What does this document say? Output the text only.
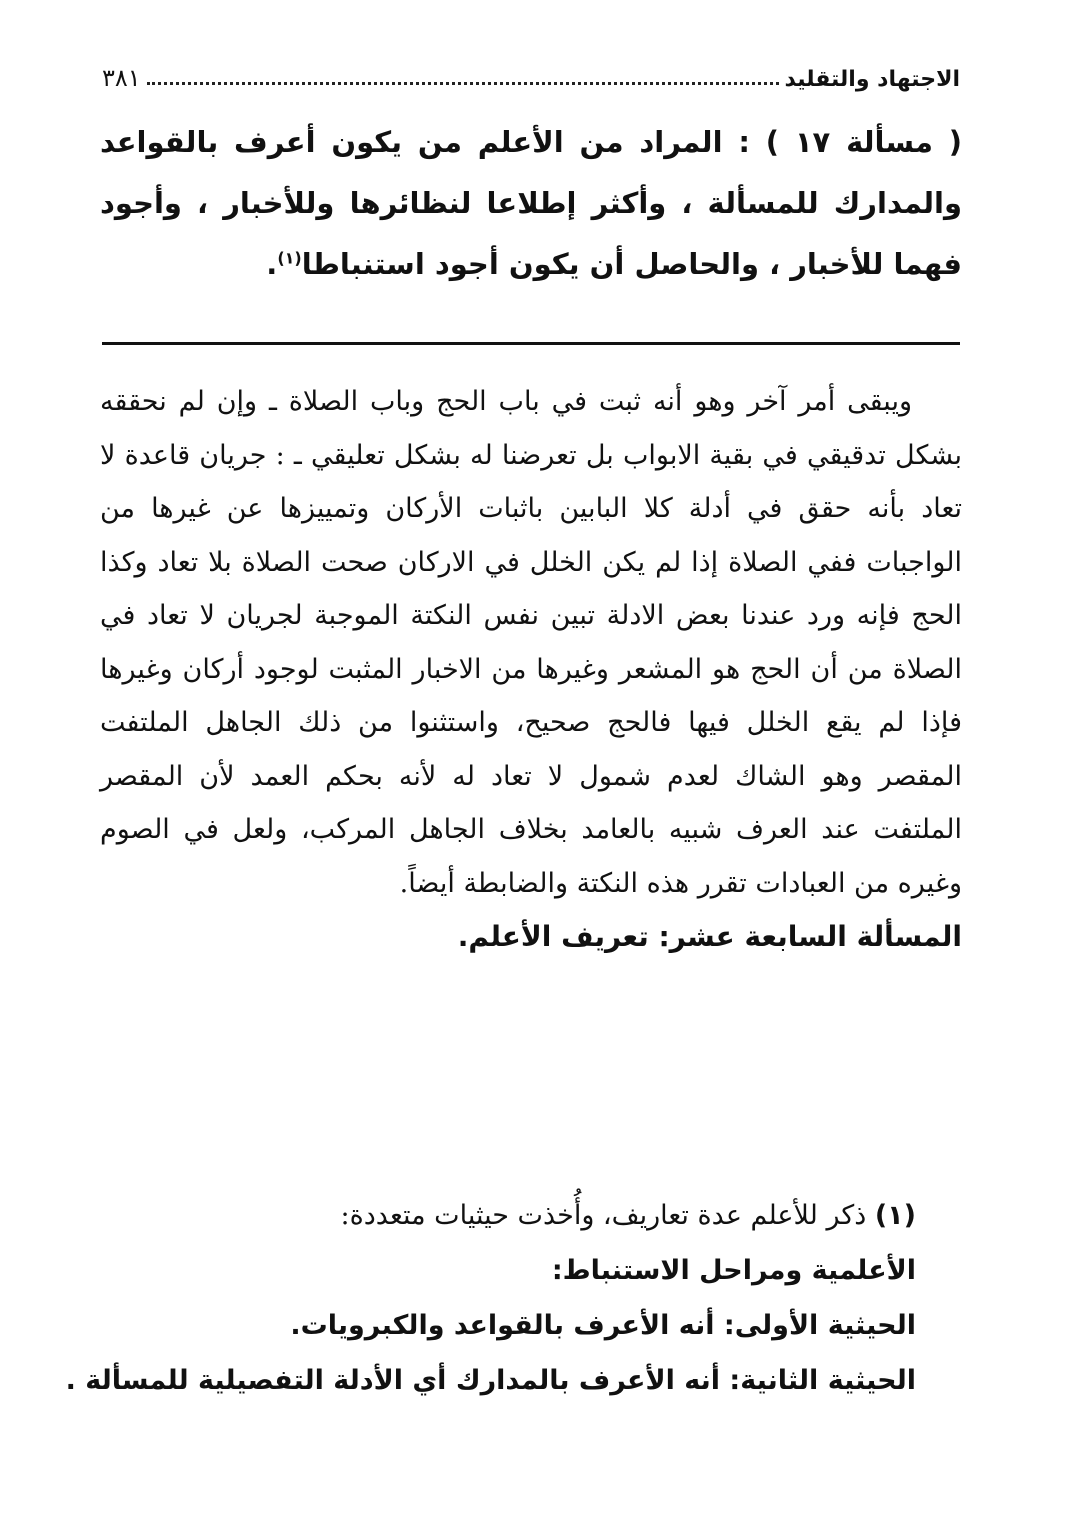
الاجتهاد والتقليد
٣٨١
( مسألة ١٧ ) : المراد من الأعلم من يكون أعرف بالقواعد والمدارك للمسألة ، وأكثر إطلاعا لنظائرها وللأخبار ، وأجود فهما للأخبار ، والحاصل أن يكون أجود استنباطا$^{(١)}$.

ويبقى أمر آخر وهو أنه ثبت في باب الحج وباب الصلاة ـ وإن لم نحققه بشكل تدقيقي في بقية الابواب بل تعرضنا له بشكل تعليقي ـ : جريان قاعدة لا تعاد بأنه حقق في أدلة كلا البابين باثبات الأركان وتمييزها عن غيرها من الواجبات ففي الصلاة إذا لم يكن الخلل في الاركان صحت الصلاة بلا تعاد وكذا الحج فإنه ورد عندنا بعض الادلة تبين نفس النكتة الموجبة لجريان لا تعاد في الصلاة من أن الحج هو المشعر وغيرها من الاخبار المثبت لوجود أركان وغيرها فإذا لم يقع الخلل فيها فالحج صحيح، واستثنوا من ذلك الجاهل الملتفت المقصر وهو الشاك لعدم شمول لا تعاد له لأنه بحكم العمد لأن المقصر الملتفت عند العرف شبيه بالعامد بخلاف الجاهل المركب، ولعل في الصوم وغيره من العبادات تقرر هذه النكتة والضابطة أيضاً.

المسألة السابعة عشر: تعريف الأعلم.

(١) ذكر للأعلم عدة تعاريف، وأُخذت حيثيات متعددة:

الأعلمية ومراحل الاستنباط:

الحيثية الأولى: أنه الأعرف بالقواعد والكبرويات.

الحيثية الثانية: أنه الأعرف بالمدارك أي الأدلة التفصيلية للمسألة .
